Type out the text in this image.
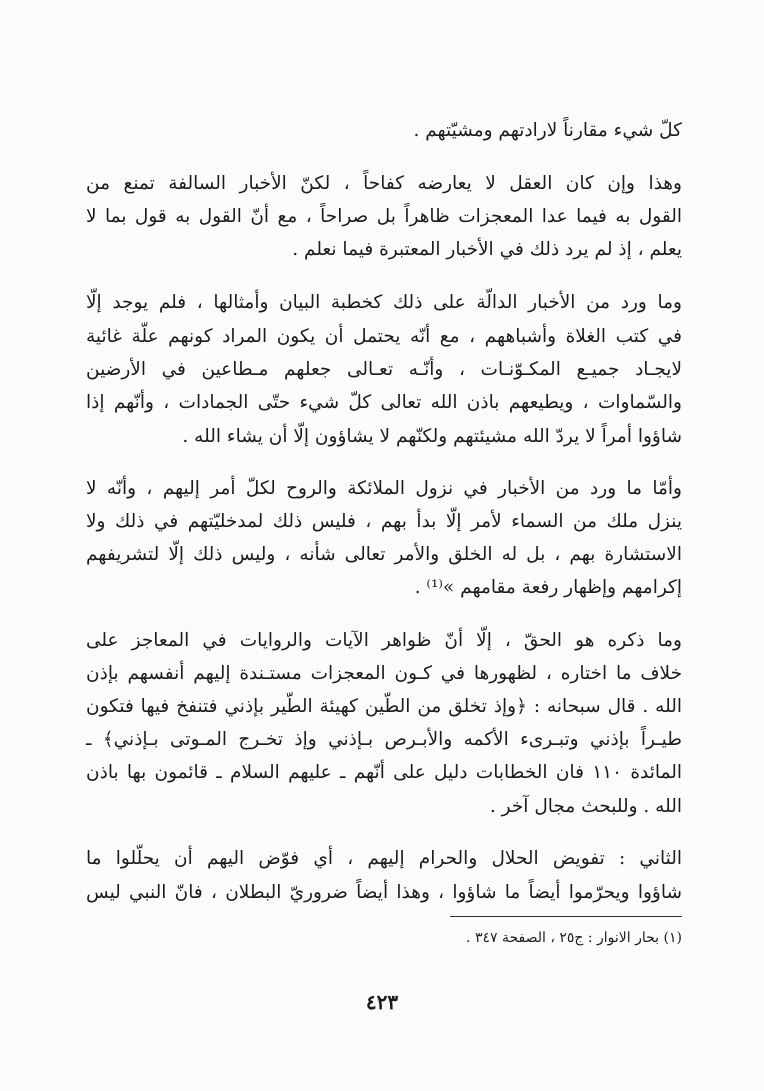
كلّ شيء مقارناً لارادتهم ومشيّتهم .
وهذا وإن كان العقل لا يعارضه كفاحاً ، لكنّ الأخبار السالفة تمنع من
القول به فيما عدا المعجزات ظاهراً بل صراحاً ، مع أنّ القول به قول بما لا
يعلم ، إذ لم يرد ذلك في الأخبار المعتبرة فيما نعلم .
وما ورد من الأخبار الدالّة على ذلك كخطبة البيان وأمثالها ، فلم يوجد إلّا
في كتب الغلاة وأشباههم ، مع أنّه يحتمل أن يكون المراد كونهم علّة غائية
لايجـاد جميـع المكـوّنـات ، وأنّـه تعـالى جعلهم مـطاعين في الأرضين
والسّماوات ، ويطيعهم باذن الله تعالى كلّ شيء حتّى الجمادات ، وأنّهم إذا
شاؤوا أمراً لا يردّ الله مشيئتهم ولكنّهم لا يشاؤون إلّا أن يشاء الله .
وأمّا ما ورد من الأخبار في نزول الملائكة والروح لكلّ أمر إليهم ، وأنّه لا
ينزل ملك من السماء لأمر إلّا بدأ بهم ، فليس ذلك لمدخليّتهم في ذلك ولا
الاستشارة بهم ، بل له الخلق والأمر تعالى شأنه ، وليس ذلك إلّا لتشريفهم
إكرامهم وإظهار رفعة مقامهم »⁽¹⁾ .
وما ذكره هو الحقّ ، إلّا أنّ ظواهر الآيات والروايات في المعاجز على
خلاف ما اختاره ، لظهورها في كـون المعجزات مستـندة إليهم أنفسهم بإذن
الله . قال سبحانه : ﴿وإذ تخلق من الطّين كهيئة الطّير بإذني فتنفخ فيها فتكون
طيـراً بإذني وتبـرىء الأكمه والأبـرص بـإذني وإذ تخـرج المـوتى بـإذني﴾ ـ
المائدة ١١٠ فان الخطابات دليل على أنّهم ـ عليهم السلام ـ قائمون بها باذن
الله . وللبحث مجال آخر .
الثاني : تفويض الحلال والحرام إليهم ، أي فوّض اليهم أن يحلّلوا ما
شاؤوا ويحرّموا أيضاً ما شاؤوا ، وهذا أيضاً ضروريّ البطلان ، فانّ النبي ليس
(١) بحار الانوار : ج٢٥ ، الصفحة ٣٤٧ .
٤٢٣
